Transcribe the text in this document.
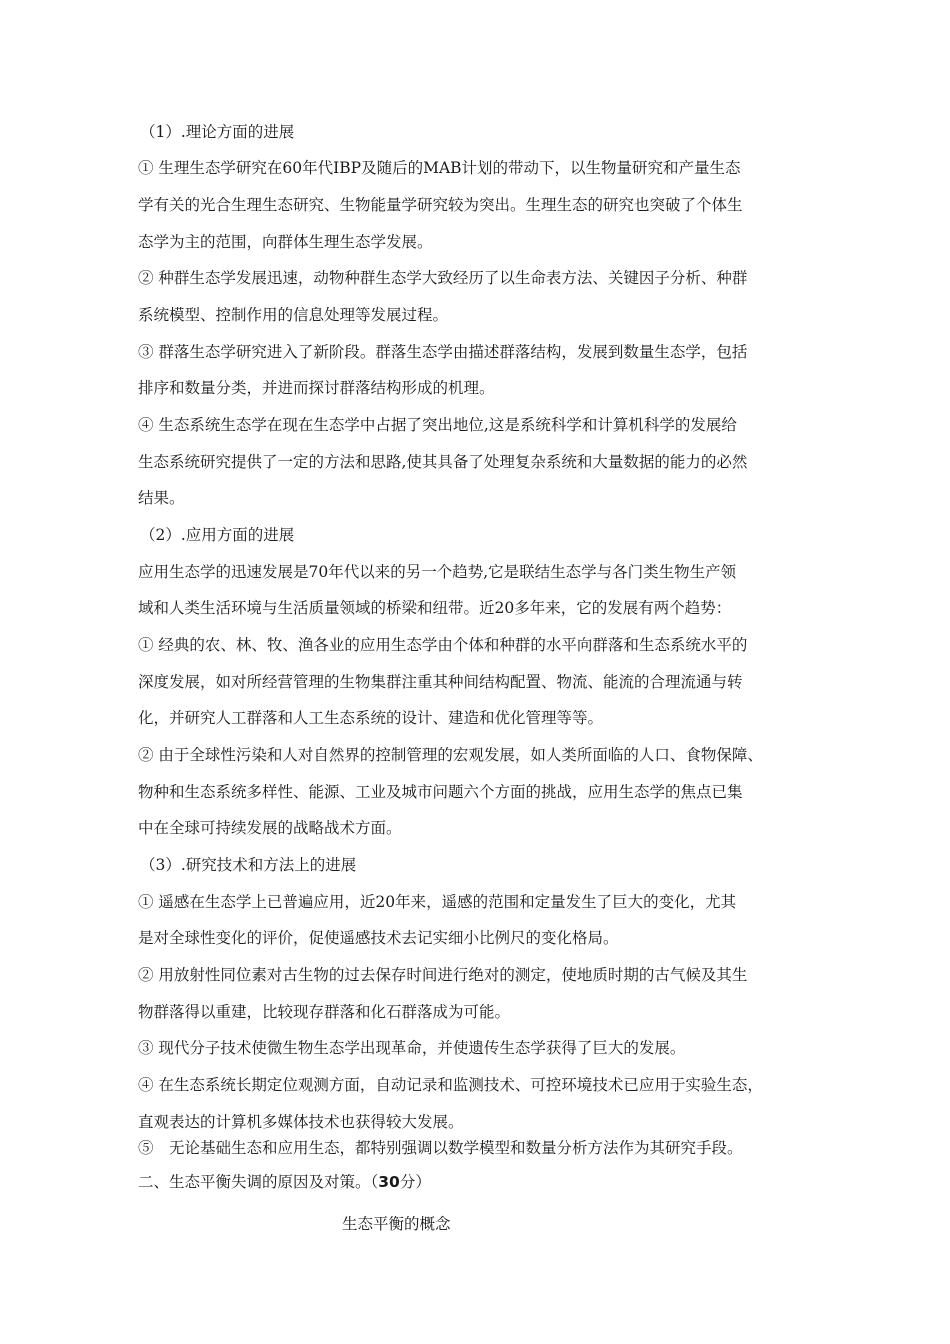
（1）.理论方面的进展
① 生理生态学研究在60年代IBP及随后的MAB计划的带动下，以生物量研究和产量生态
学有关的光合生理生态研究、生物能量学研究较为突出。生理生态的研究也突破了个体生
态学为主的范围，向群体生理生态学发展。
② 种群生态学发展迅速，动物种群生态学大致经历了以生命表方法、关键因子分析、种群
系统模型、控制作用的信息处理等发展过程。
③ 群落生态学研究进入了新阶段。群落生态学由描述群落结构，发展到数量生态学，包括
排序和数量分类，并进而探讨群落结构形成的机理。
④ 生态系统生态学在现在生态学中占据了突出地位,这是系统科学和计算机科学的发展给
生态系统研究提供了一定的方法和思路,使其具备了处理复杂系统和大量数据的能力的必然
结果。
（2）.应用方面的进展
应用生态学的迅速发展是70年代以来的另一个趋势,它是联结生态学与各门类生物生产领
域和人类生活环境与生活质量领域的桥梁和纽带。近20多年来，它的发展有两个趋势：
① 经典的农、林、牧、渔各业的应用生态学由个体和种群的水平向群落和生态系统水平的
深度发展，如对所经营管理的生物集群注重其种间结构配置、物流、能流的合理流通与转
化，并研究人工群落和人工生态系统的设计、建造和优化管理等等。
② 由于全球性污染和人对自然界的控制管理的宏观发展，如人类所面临的人口、食物保障、
物种和生态系统多样性、能源、工业及城市问题六个方面的挑战，应用生态学的焦点已集
中在全球可持续发展的战略战术方面。
（3）.研究技术和方法上的进展
① 遥感在生态学上已普遍应用，近20年来，遥感的范围和定量发生了巨大的变化，尤其
是对全球性变化的评价，促使遥感技术去记实细小比例尺的变化格局。
② 用放射性同位素对古生物的过去保存时间进行绝对的测定，使地质时期的古气候及其生
物群落得以重建，比较现存群落和化石群落成为可能。
③ 现代分子技术使微生物生态学出现革命，并使遗传生态学获得了巨大的发展。
④ 在生态系统长期定位观测方面，自动记录和监测技术、可控环境技术已应用于实验生态，
直观表达的计算机多媒体技术也获得较大发展。
⑤　无论基础生态和应用生态，都特别强调以数学模型和数量分析方法作为其研究手段。
二、生态平衡失调的原因及对策。（30分）
生态平衡的概念
